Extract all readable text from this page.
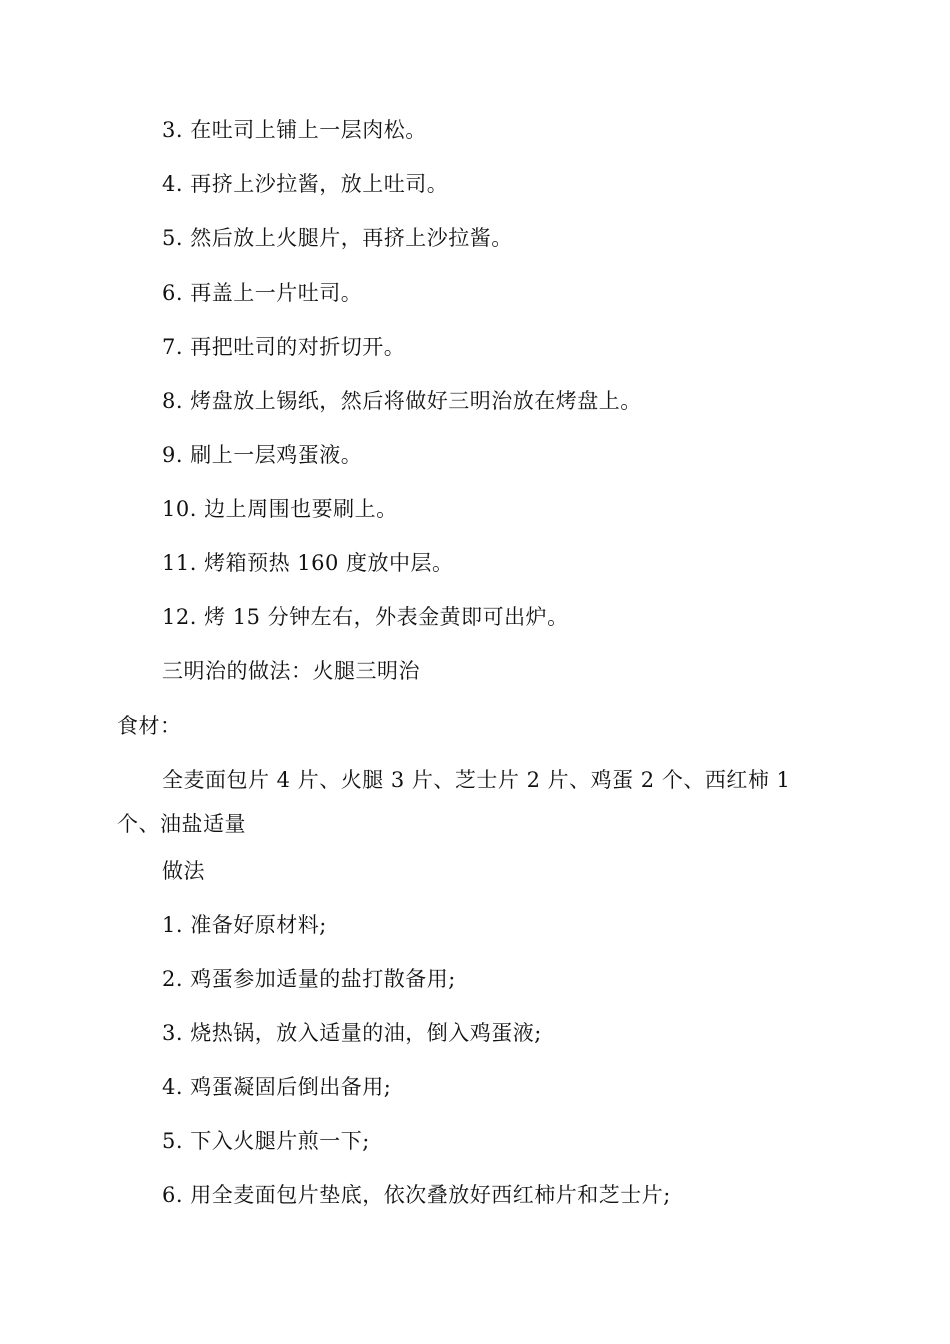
3. 在吐司上铺上一层肉松。
4. 再挤上沙拉酱，放上吐司。
5. 然后放上火腿片，再挤上沙拉酱。
6. 再盖上一片吐司。
7. 再把吐司的对折切开。
8. 烤盘放上锡纸，然后将做好三明治放在烤盘上。
9. 刷上一层鸡蛋液。
10. 边上周围也要刷上。
11. 烤箱预热 160 度放中层。
12. 烤 15 分钟左右，外表金黄即可出炉。
三明治的做法：火腿三明治
食材：
全麦面包片 4 片、火腿 3 片、芝士片 2 片、鸡蛋 2 个、西红柿 1 个、油盐适量
做法
1. 准备好原材料;
2. 鸡蛋参加适量的盐打散备用;
3. 烧热锅，放入适量的油，倒入鸡蛋液;
4. 鸡蛋凝固后倒出备用;
5. 下入火腿片煎一下;
6. 用全麦面包片垫底，依次叠放好西红柿片和芝士片;
